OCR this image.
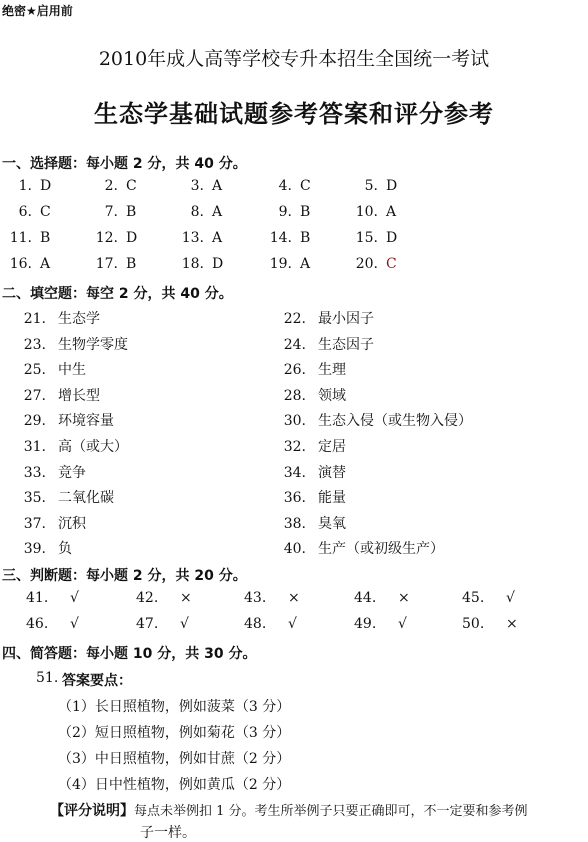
绝密★启用前
2010年成人高等学校专升本招生全国统一考试
生态学基础试题参考答案和评分参考
一、选择题：每小题 2 分，共 40 分。
1. D	2. C	3. A	4. C	5. D
6. C	7. B	8. A	9. B	10. A
11. B	12. D	13. A	14. B	15. D
16. A	17. B	18. D	19. A	20. C
二、填空题：每空 2 分，共 40 分。
21. 生态学	22. 最小因子
23. 生物学零度	24. 生态因子
25. 中生	26. 生理
27. 增长型	28. 领域
29. 环境容量	30. 生态入侵（或生物入侵）
31. 高（或大）	32. 定居
33. 竞争	34. 演替
35. 二氧化碳	36. 能量
37. 沉积	38. 臭氧
39. 负	40. 生产（或初级生产）
三、判断题：每小题 2 分，共 20 分。
41. √	42. ×	43. ×	44. ×	45. √
46. √	47. √	48. √	49. √	50. ×
四、简答题：每小题 10 分，共 30 分。
51. 答案要点：
（1）长日照植物，例如菠菜（3 分）
（2）短日照植物，例如菊花（3 分）
（3）中日照植物，例如甘蔗（2 分）
（4）日中性植物，例如黄瓜（2 分）
【评分说明】每点未举例扣 1 分。考生所举例子只要正确即可，不一定要和参考例
子一样。
